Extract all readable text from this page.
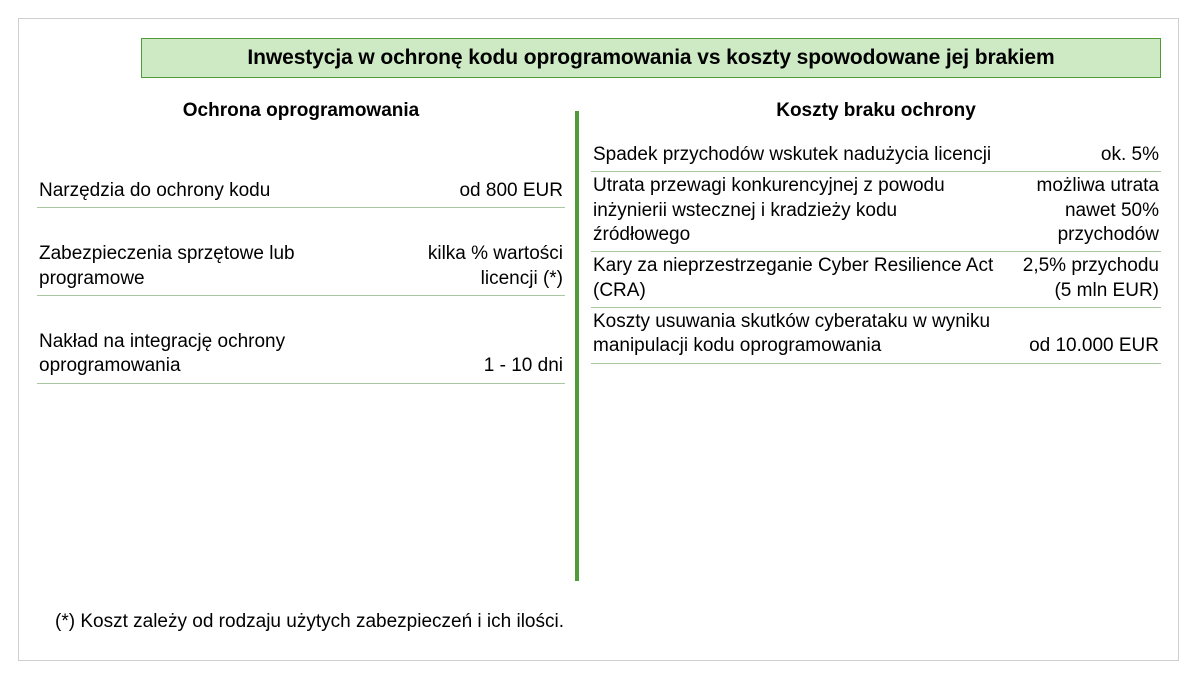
Inwestycja w ochronę kodu oprogramowania vs koszty spowodowane jej brakiem
Ochrona oprogramowania
Narzędzia do ochrony kodu	od 800 EUR

Zabezpieczenia sprzętowe lub programowe	kilka % wartości licencji (*)

Nakład na integrację ochrony oprogramowania	1 - 10 dni
Koszty braku ochrony
Spadek przychodów wskutek nadużycia licencji	ok. 5%
Utrata przewagi konkurencyjnej z powodu inżynierii wstecznej i kradzieży kodu źródłowego	możliwa utrata nawet 50% przychodów
Kary za nieprzestrzeganie Cyber Resilience Act (CRA)	2,5% przychodu (5 mln EUR)
Koszty usuwania skutków cyberataku w wyniku manipulacji kodu oprogramowania	od 10.000 EUR
(*) Koszt zależy od rodzaju użytych zabezpieczeń i ich ilości.
